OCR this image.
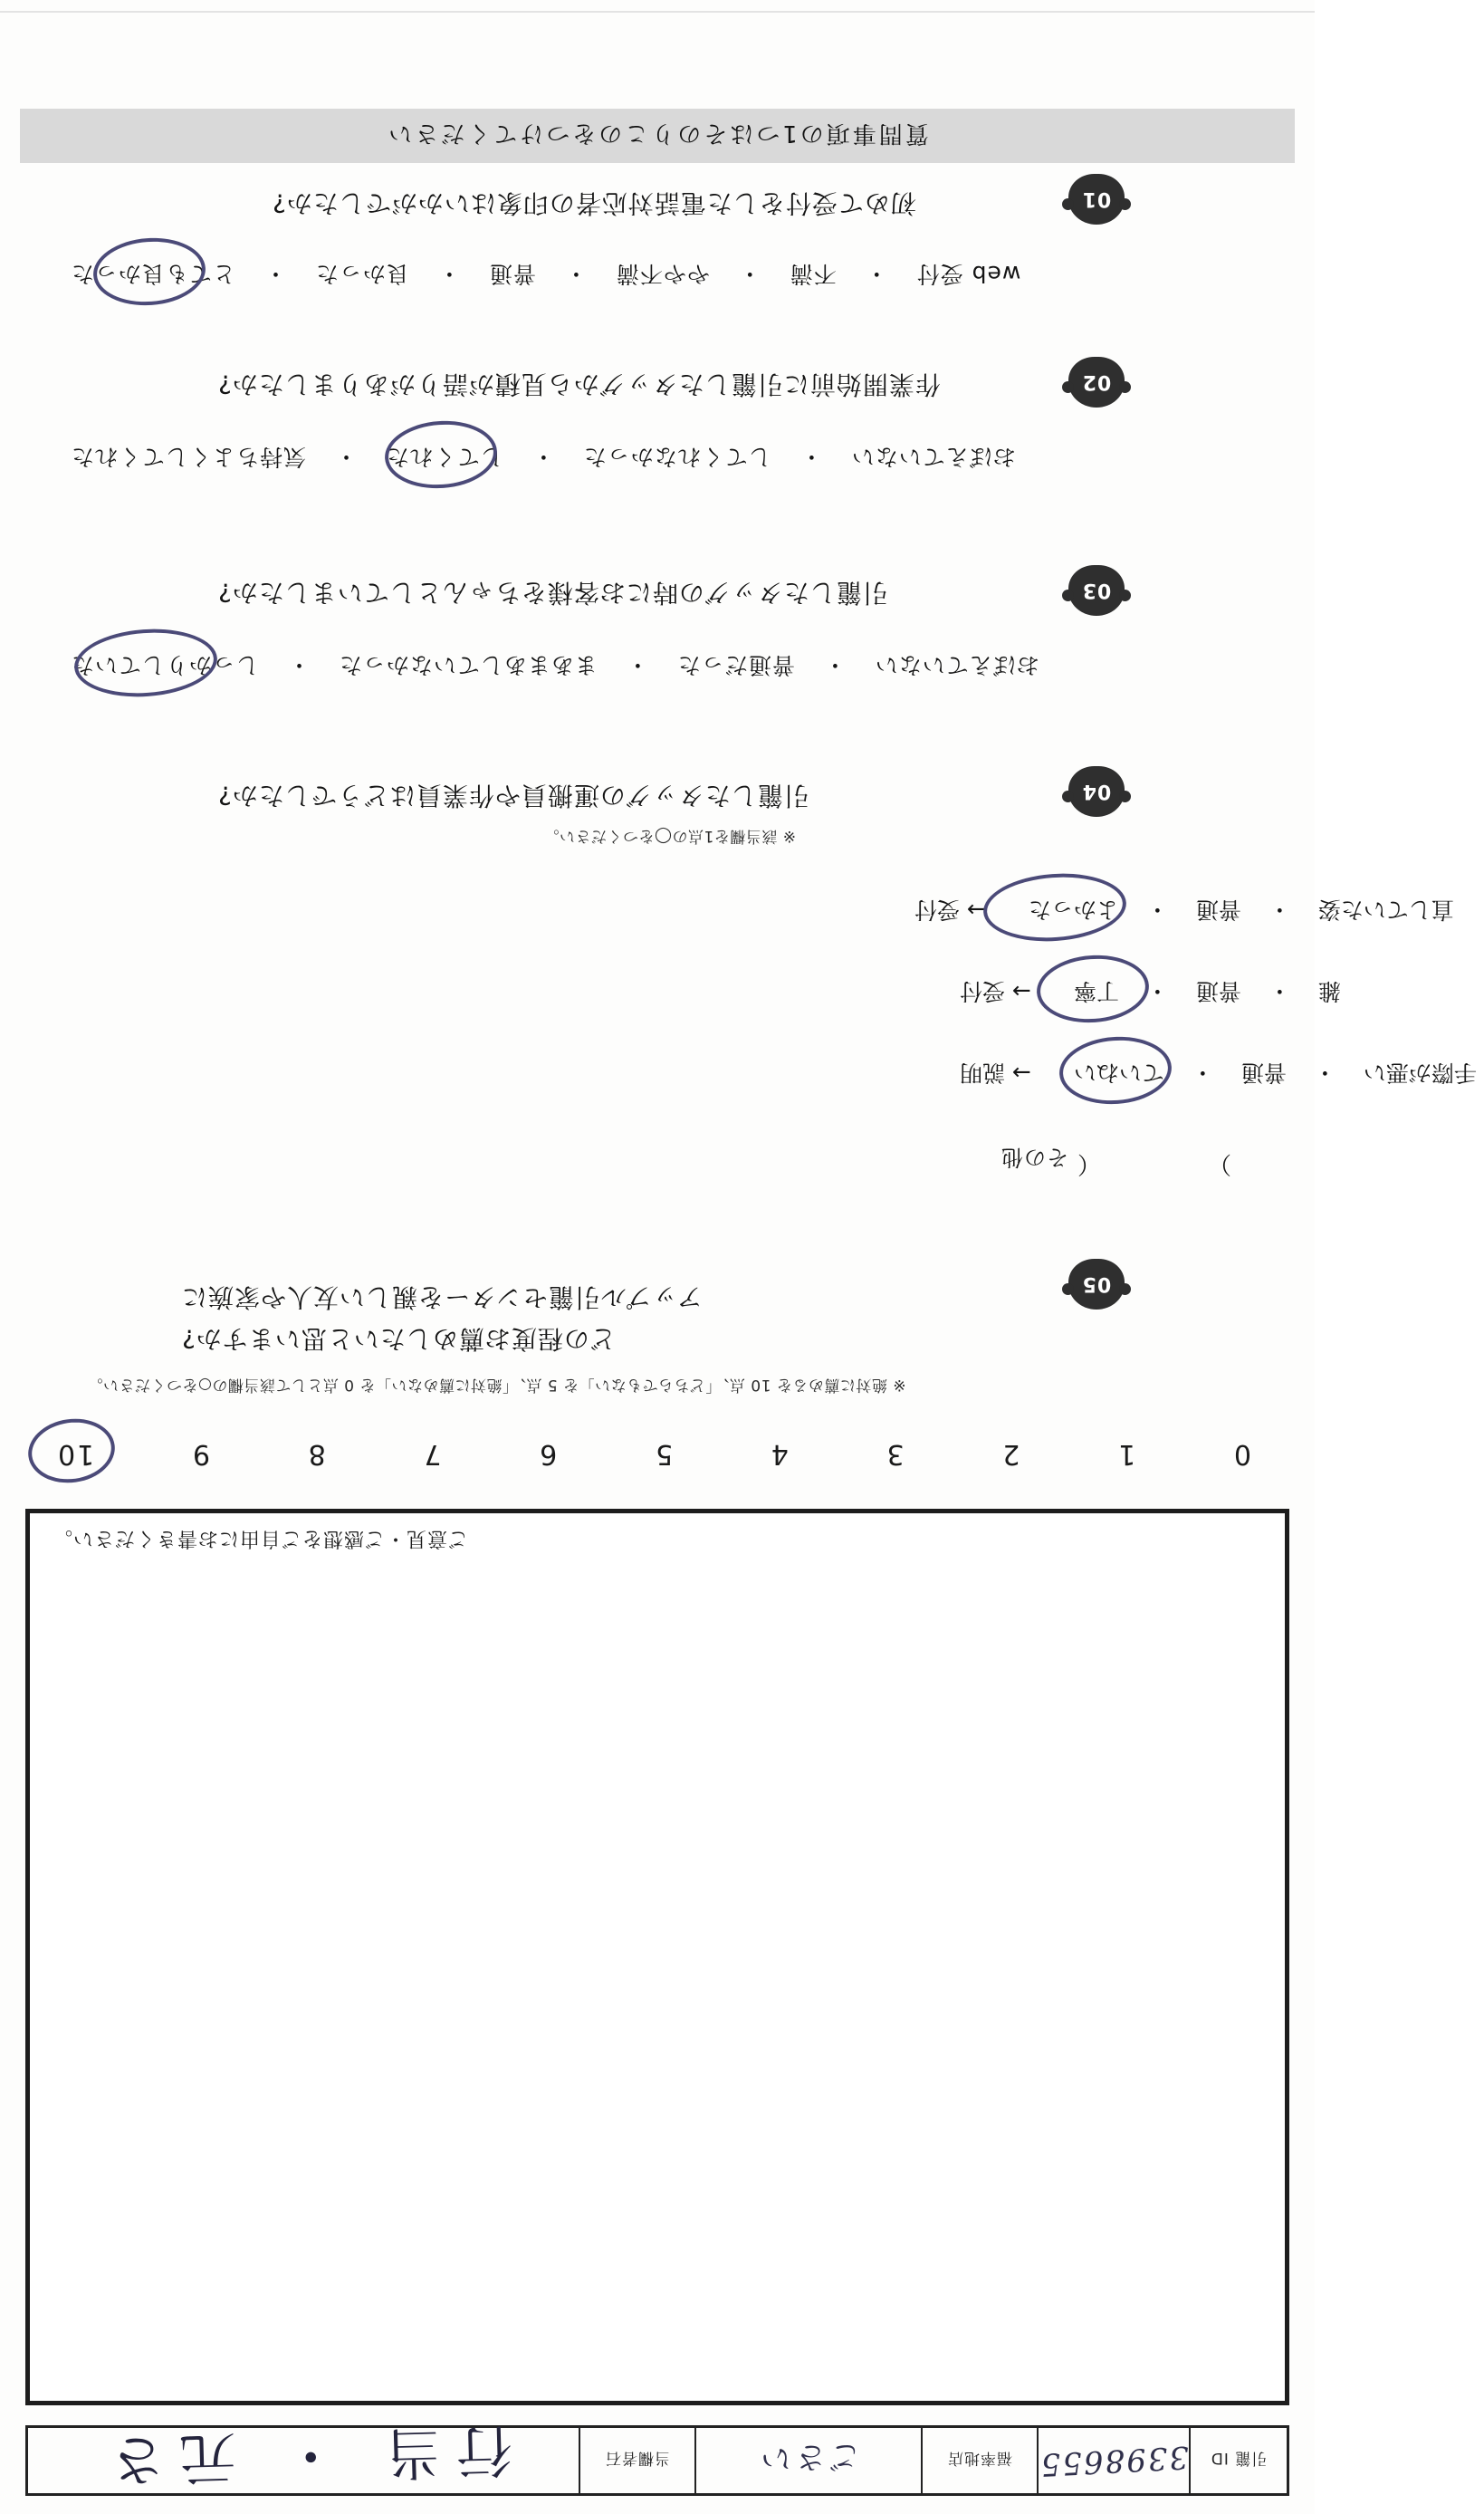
引籠 ID
3398655
福率地店
ごさい
当欄者石
行当 ・ 元さ
ご意見・ご感想をご自由にお書きください。
10	9	8	7	6	5	4	3	2	1	0
※ 絶対に薦めるを 10 点、「どちらでもない」を 5 点、「絶対に薦めない」を 0 点として該当欄の○をつください。
どの程度お薦めしたいと思いますか?
アップル引籠センターを親しい友人や家族に	05
その他 （	）
説明 →	ていねい ・ 普通 ・ 手際が悪い
受付 →	丁寧 ・ 普通 ・ 雑
受付 →	よかった ・ 普通 ・ 直していた姿
※ 該当欄を1点の◯をつください。
引籠したタッグの運搬員や作業員はどうでしたか?	04
しっかりしていた ・ まあまあしていなかった ・ 普通だった ・ おぼえていない
引籠したタッグの時にお客様をちゃんとしていましたか?	03
気持ちよくしてくれた ・ してくれた ・ してくれなかった ・ おぼえていない
作業開始前に引籠したタッグから見積が語りがありましたか?	02
とても良かった ・ 良かった ・ 普通 ・ やや不満 ・ 不満 ・ web 受付
初めて受付をした電話対応者の印象はいかがでしたか?	01
質問事項の1つはそのりこのをつけてください
